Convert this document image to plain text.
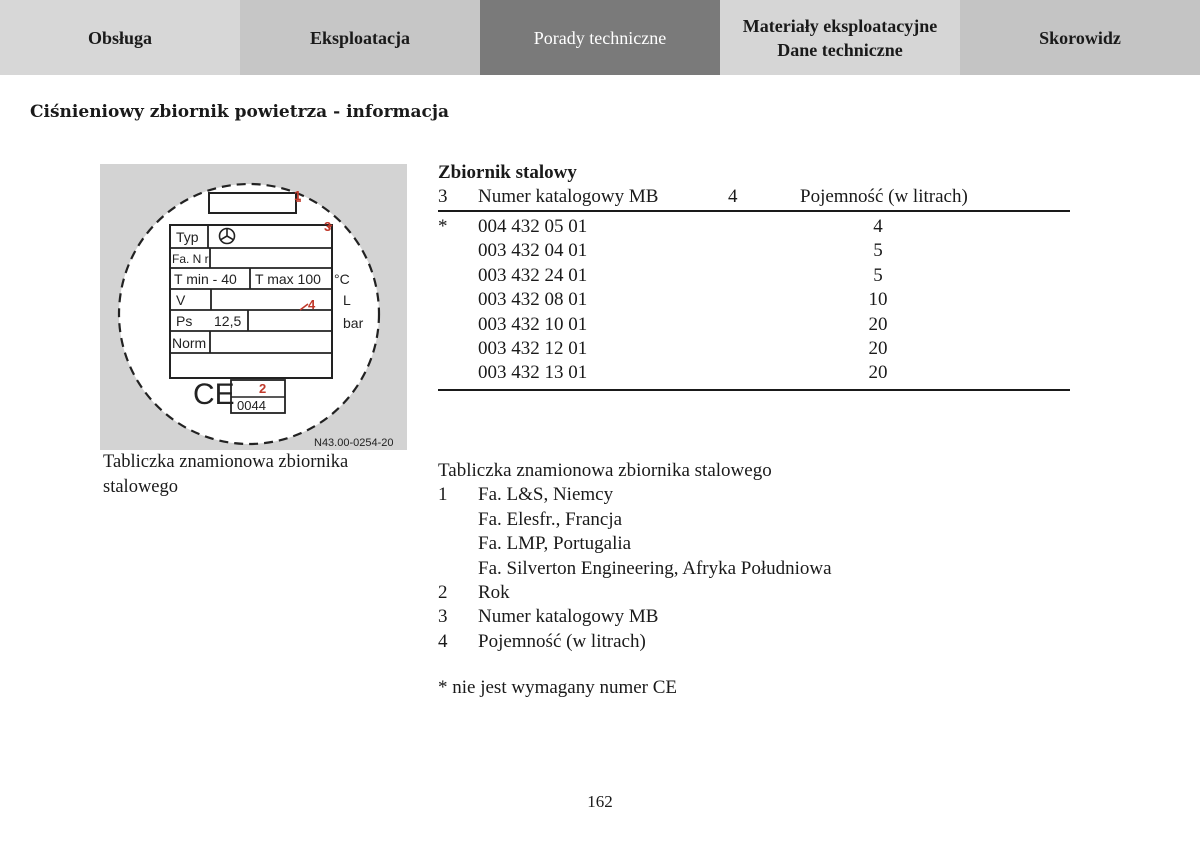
Obsługa	Eksploatacja	Porady techniczne
Materiały eksploatacyjne
Dane techniczne
Skorowidz
Ciśnieniowy zbiornik powietrza - informacja
1
Typ
3
Fa. N r
T min - 40 T max 100 °C
V	4 L
Ps 12,5	bar
Norm
CE 0044
2
N43.00-0254-20
Tabliczka znamionowa zbiornika
stalowego
Zbiornik stalowy
3 Numer katalogowy MB	4	Pojemność (w litrach)
* 004 432 05 01	4
003 432 04 01	5
003 432 24 01	5
003 432 08 01	10
003 432 10 01	20
003 432 12 01	20
003 432 13 01	20
Tabliczka znamionowa zbiornika stalowego
1 Fa. L&S, Niemcy
Fa. Elesfr., Francja
Fa. LMP, Portugalia
Fa. Silverton Engineering, Afryka Południowa
2 Rok
3 Numer katalogowy MB
4 Pojemność (w litrach)
* nie jest wymagany numer CE
162
